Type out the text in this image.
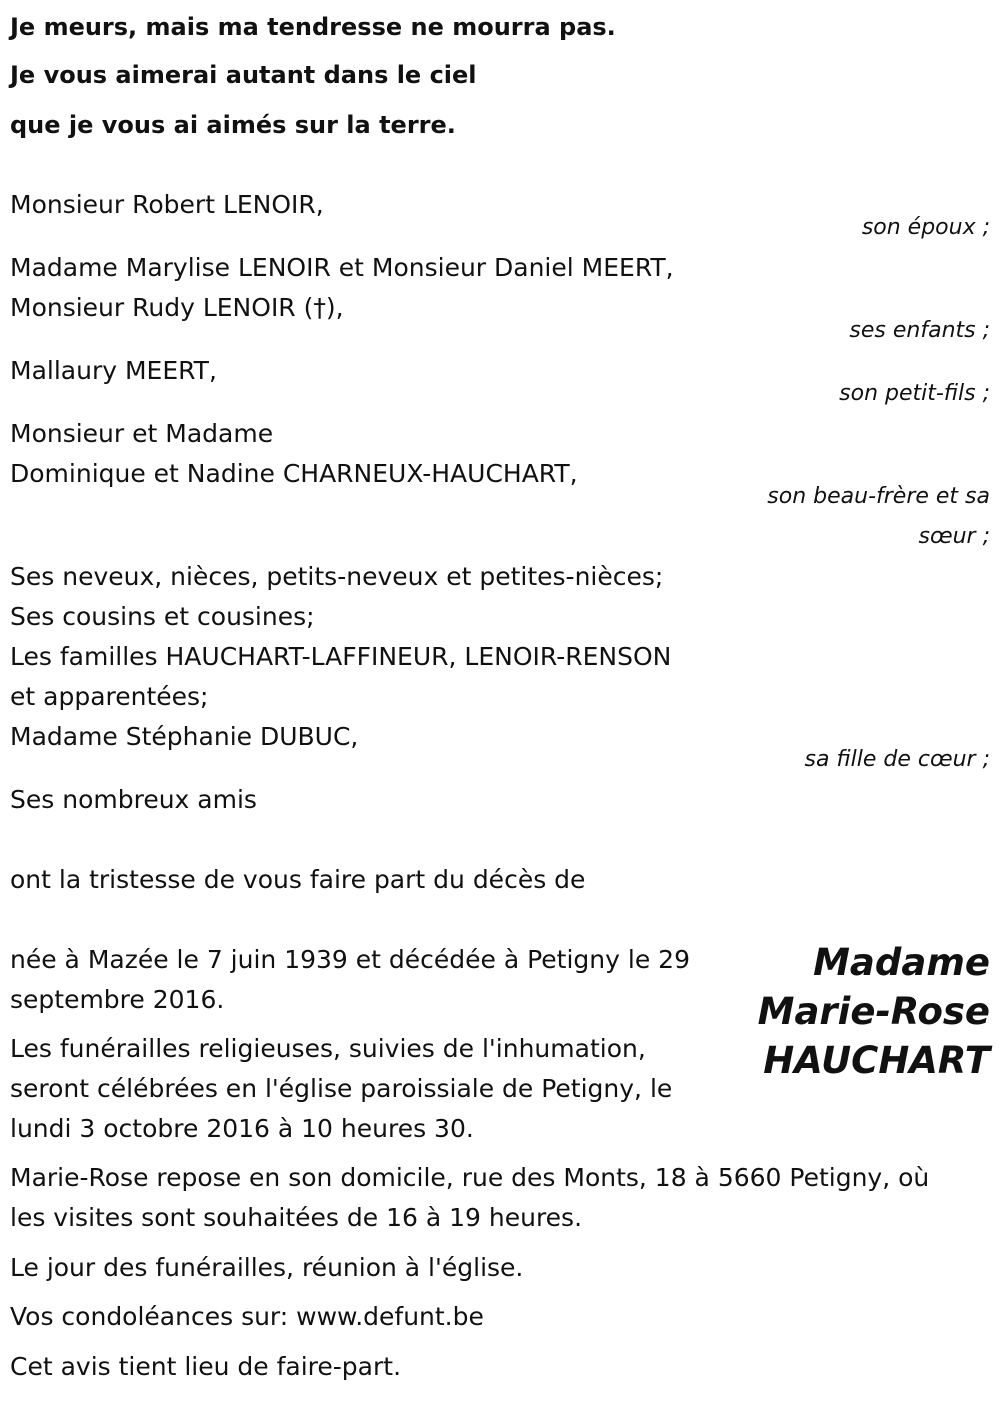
Je meurs, mais ma tendresse ne mourra pas.
Je vous aimerai autant dans le ciel
que je vous ai aimés sur la terre.
Monsieur Robert LENOIR,
son époux ;
Madame Marylise LENOIR et Monsieur Daniel MEERT,
Monsieur Rudy LENOIR (†),
ses enfants ;
Mallaury MEERT,
son petit-fils ;
Monsieur et Madame
Dominique et Nadine CHARNEUX-HAUCHART,
son beau-frère et sa
sœur ;
Ses neveux, nièces, petits-neveux et petites-nièces;
Ses cousins et cousines;
Les familles HAUCHART-LAFFINEUR, LENOIR-RENSON
et apparentées;
Madame Stéphanie DUBUC,
sa fille de cœur ;
Ses nombreux amis
ont la tristesse de vous faire part du décès de
Madame
Marie-Rose
HAUCHART
née à Mazée le 7 juin 1939 et décédée à Petigny le 29
septembre 2016.
Les funérailles religieuses, suivies de l'inhumation,
seront célébrées en l'église paroissiale de Petigny, le
lundi 3 octobre 2016 à 10 heures 30.
Marie-Rose repose en son domicile, rue des Monts, 18 à 5660 Petigny, où
les visites sont souhaitées de 16 à 19 heures.
Le jour des funérailles, réunion à l'église.
Vos condoléances sur: www.defunt.be
Cet avis tient lieu de faire-part.
